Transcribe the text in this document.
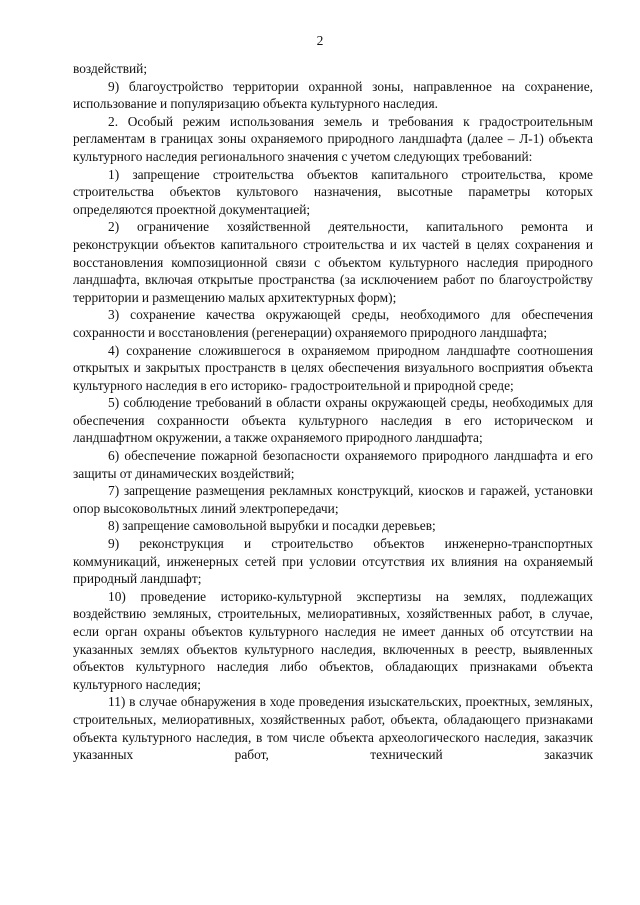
2

воздействий;

9) благоустройство территории охранной зоны, направленное на сохранение, использование и популяризацию объекта культурного наследия.

2. Особый режим использования земель и требования к градостроительным регламентам в границах зоны охраняемого природного ландшафта (далее – Л-1) объекта культурного наследия регионального значения с учетом следующих требований:

1) запрещение строительства объектов капитального строительства, кроме строительства объектов культового назначения, высотные параметры которых определяются проектной документацией;

2) ограничение хозяйственной деятельности, капитального ремонта и реконструкции объектов капитального строительства и их частей в целях сохранения и восстановления композиционной связи с объектом культурного наследия природного ландшафта, включая открытые пространства (за исключением работ по благоустройству территории и размещению малых архитектурных форм);

3) сохранение качества окружающей среды, необходимого для обеспечения сохранности и восстановления (регенерации) охраняемого природного ландшафта;

4) сохранение сложившегося в охраняемом природном ландшафте соотношения открытых и закрытых пространств в целях обеспечения визуального восприятия объекта культурного наследия в его историко- градостроительной и природной среде;

5) соблюдение требований в области охраны окружающей среды, необходимых для обеспечения сохранности объекта культурного наследия в его историческом и ландшафтном окружении, а также охраняемого природного ландшафта;

6) обеспечение пожарной безопасности охраняемого природного ландшафта и его защиты от динамических воздействий;

7) запрещение размещения рекламных конструкций, киосков и гаражей, установки опор высоковольтных линий электропередачи;

8) запрещение самовольной вырубки и посадки деревьев;

9) реконструкция и строительство объектов инженерно-транспортных коммуникаций, инженерных сетей при условии отсутствия их влияния на охраняемый природный ландшафт;

10) проведение историко-культурной экспертизы на землях, подлежащих воздействию земляных, строительных, мелиоративных, хозяйственных работ, в случае, если орган охраны объектов культурного наследия не имеет данных об отсутствии на указанных землях объектов культурного наследия, включенных в реестр, выявленных объектов культурного наследия либо объектов, обладающих признаками объекта культурного наследия;

11) в случае обнаружения в ходе проведения изыскательских, проектных, земляных, строительных, мелиоративных, хозяйственных работ, объекта, обладающего признаками объекта культурного наследия, в том числе объекта археологического наследия, заказчик указанных работ, технический заказчик
